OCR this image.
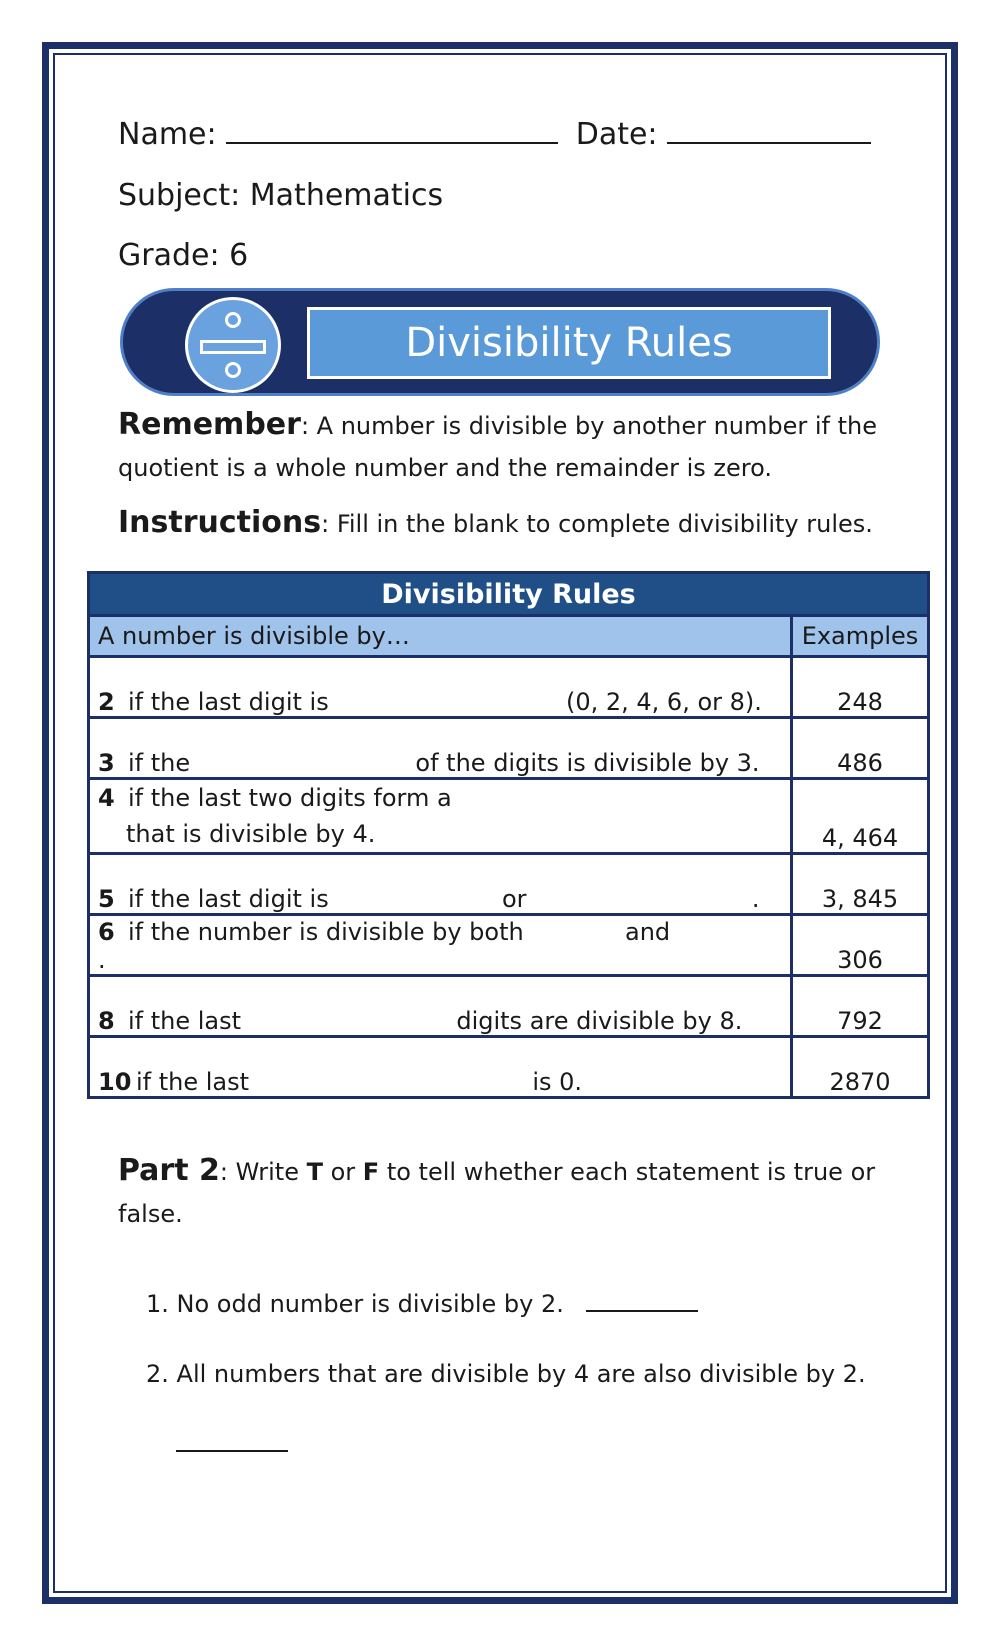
Name:	Date:
Subject: Mathematics
Grade: 6
Divisibility Rules
Remember: A number is divisible by another number if the quotient is a whole number and the remainder is zero.
Instructions: Fill in the blank to complete divisibility rules.
Divisibility Rules	
A number is divisible by…	Examples
2 if the last digit is (0, 2, 4, 6, or 8).	248
3 if the of the digits is divisible by 3.	486
4 if the last two digits form a
that is divisible by 4.	4, 464
5 if the last digit is or .	3, 845
6 if the number is divisible by both and  .	306
8 if the last digits are divisible by 8.	792
10 if the last is 0.	2870
Part 2: Write T or F to tell whether each statement is true or false.
1. No odd number is divisible by 2.
2. All numbers that are divisible by 4 are also divisible by 2.
